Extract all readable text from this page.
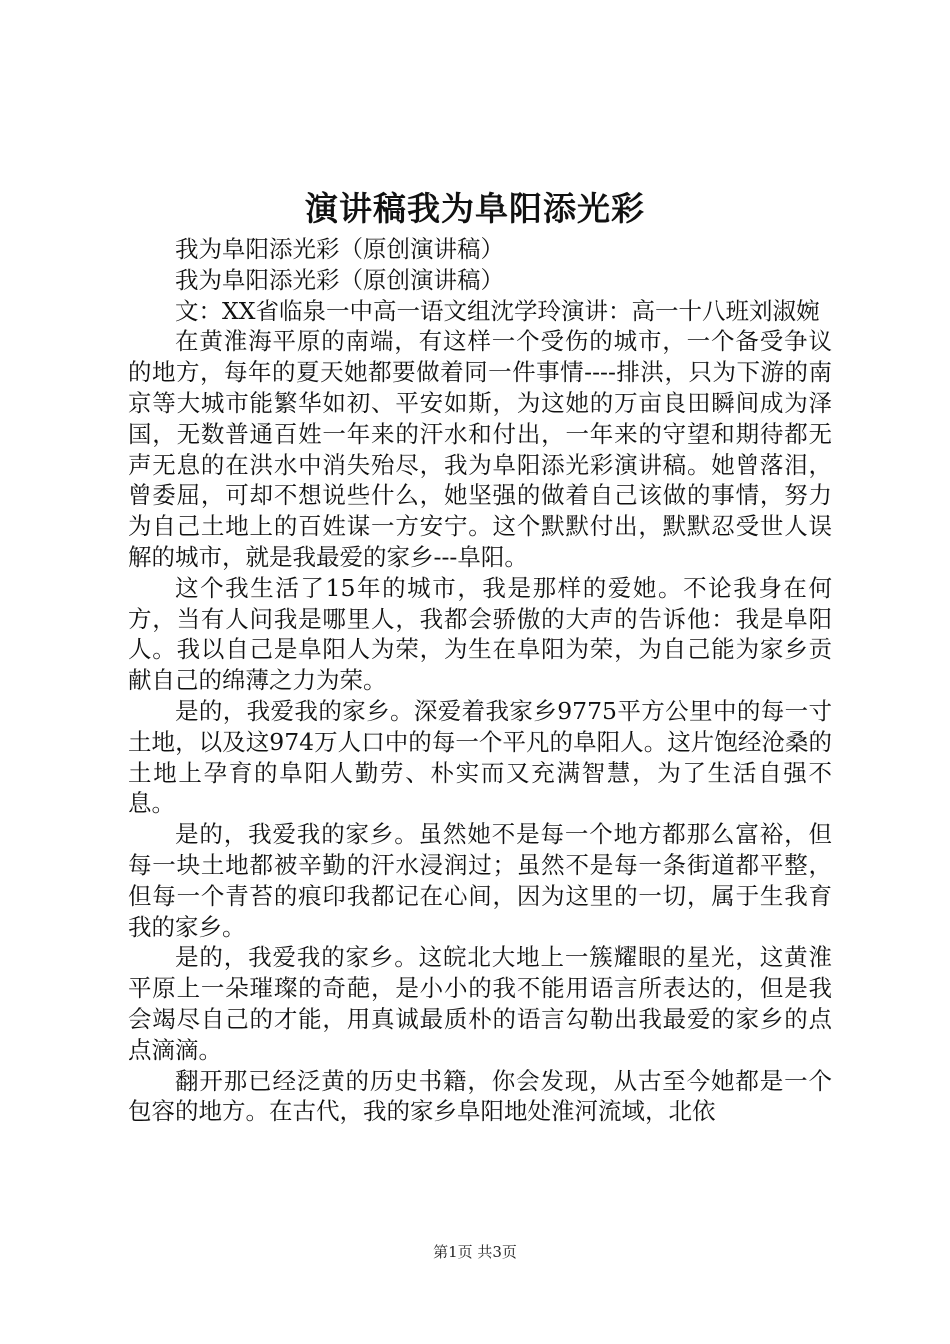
演讲稿我为阜阳添光彩

我为阜阳添光彩（原创演讲稿）

我为阜阳添光彩（原创演讲稿）

文：XX省临泉一中高一语文组沈学玲演讲：高一十八班刘淑婉

在黄淮海平原的南端，有这样一个受伤的城市，一个备受争议的地方，每年的夏天她都要做着同一件事情----排洪，只为下游的南京等大城市能繁华如初、平安如斯，为这她的万亩良田瞬间成为泽国，无数普通百姓一年来的汗水和付出，一年来的守望和期待都无声无息的在洪水中消失殆尽，我为阜阳添光彩演讲稿。她曾落泪，曾委屈，可却不想说些什么，她坚强的做着自己该做的事情，努力为自己土地上的百姓谋一方安宁。这个默默付出，默默忍受世人误解的城市，就是我最爱的家乡---阜阳。

这个我生活了15年的城市，我是那样的爱她。不论我身在何方，当有人问我是哪里人，我都会骄傲的大声的告诉他：我是阜阳人。我以自己是阜阳人为荣，为生在阜阳为荣，为自己能为家乡贡献自己的绵薄之力为荣。

是的，我爱我的家乡。深爱着我家乡9775平方公里中的每一寸土地，以及这974万人口中的每一个平凡的阜阳人。这片饱经沧桑的土地上孕育的阜阳人勤劳、朴实而又充满智慧，为了生活自强不息。

是的，我爱我的家乡。虽然她不是每一个地方都那么富裕，但每一块土地都被辛勤的汗水浸润过；虽然不是每一条街道都平整，但每一个青苔的痕印我都记在心间，因为这里的一切，属于生我育我的家乡。

是的，我爱我的家乡。这皖北大地上一簇耀眼的星光，这黄淮平原上一朵璀璨的奇葩，是小小的我不能用语言所表达的，但是我会竭尽自己的才能，用真诚最质朴的语言勾勒出我最爱的家乡的点点滴滴。

翻开那已经泛黄的历史书籍，你会发现，从古至今她都是一个包容的地方。在古代，我的家乡阜阳地处淮河流域，北依

第1页 共3页
